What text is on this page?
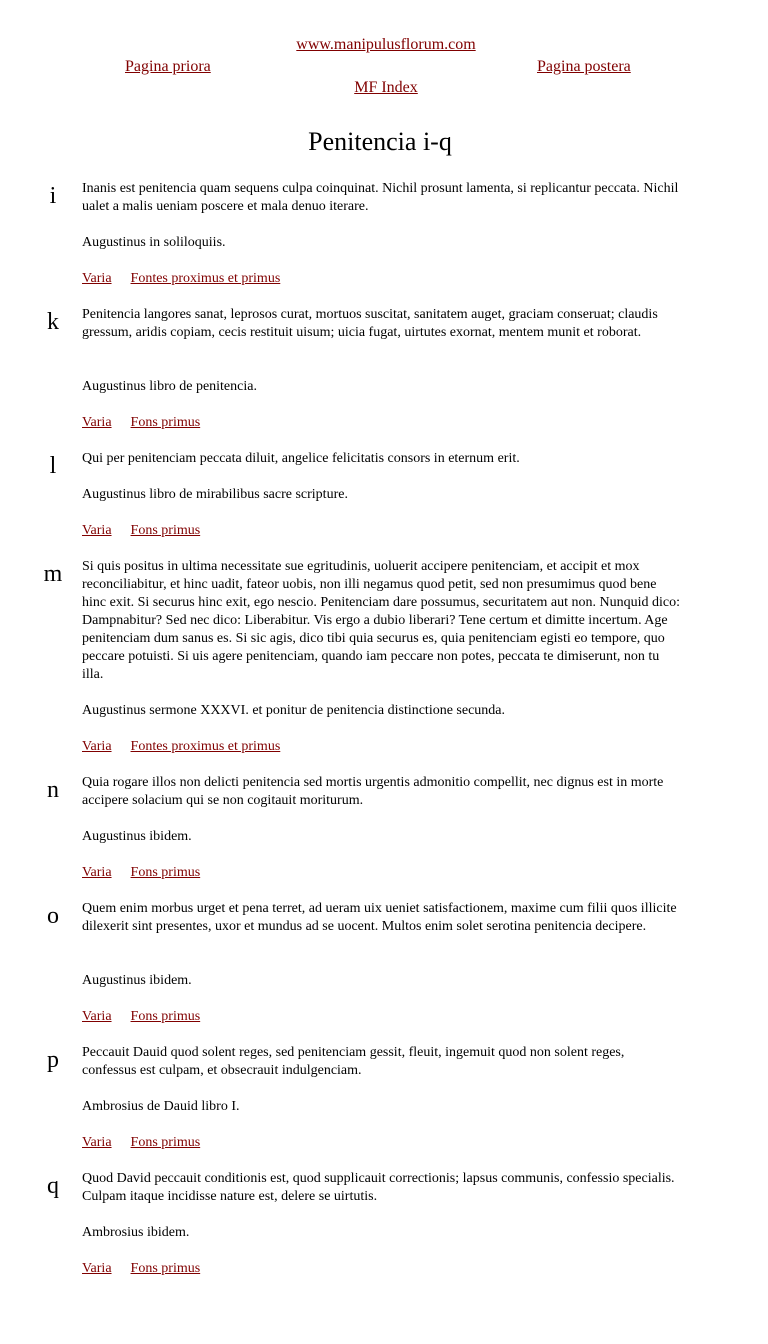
www.manipulusflorum.com
Pagina priora	Pagina postera
MF Index
Penitencia i-q
i	Inanis est penitencia quam sequens culpa coinquinat. Nichil prosunt lamenta, si replicantur peccata. Nichil ualet a malis ueniam poscere et mala denuo iterare.

Augustinus in soliloquiis.

Varia Fontes proximus et primus
k	Penitencia langores sanat, leprosos curat, mortuos suscitat, sanitatem auget, graciam conseruat; claudis gressum, aridis copiam, cecis restituit uisum; uicia fugat, uirtutes exornat, mentem munit et roborat.

Augustinus libro de penitencia.

Varia Fons primus
l	Qui per penitenciam peccata diluit, angelice felicitatis consors in eternum erit.

Augustinus libro de mirabilibus sacre scripture.

Varia Fons primus
m	Si quis positus in ultima necessitate sue egritudinis, uoluerit accipere penitenciam, et accipit et mox reconciliabitur, et hinc uadit, fateor uobis, non illi negamus quod petit, sed non presumimus quod bene hinc exit. Si securus hinc exit, ego nescio. Penitenciam dare possumus, securitatem aut non. Nunquid dico: Dampnabitur? Sed nec dico: Liberabitur. Vis ergo a dubio liberari? Tene certum et dimitte incertum. Age penitenciam dum sanus es. Si sic agis, dico tibi quia securus es, quia penitenciam egisti eo tempore, quo peccare potuisti. Si uis agere penitenciam, quando iam peccare non potes, peccata te dimiserunt, non tu illa.

Augustinus sermone XXXVI. et ponitur de penitencia distinctione secunda.

Varia Fontes proximus et primus
n	Quia rogare illos non delicti penitencia sed mortis urgentis admonitio compellit, nec dignus est in morte accipere solacium qui se non cogitauit moriturum.

Augustinus ibidem.

Varia Fons primus
o	Quem enim morbus urget et pena terret, ad ueram uix ueniet satisfactionem, maxime cum filii quos illicite dilexerit sint presentes, uxor et mundus ad se uocent. Multos enim solet serotina penitencia decipere.

Augustinus ibidem.

Varia Fons primus
p	Peccauit Dauid quod solent reges, sed penitenciam gessit, fleuit, ingemuit quod non solent reges, confessus est culpam, et obsecrauit indulgenciam.

Ambrosius de Dauid libro I.

Varia Fons primus
q	Quod David peccauit conditionis est, quod supplicauit correctionis; lapsus communis, confessio specialis. Culpam itaque incidisse nature est, delere se uirtutis.

Ambrosius ibidem.

Varia Fons primus
